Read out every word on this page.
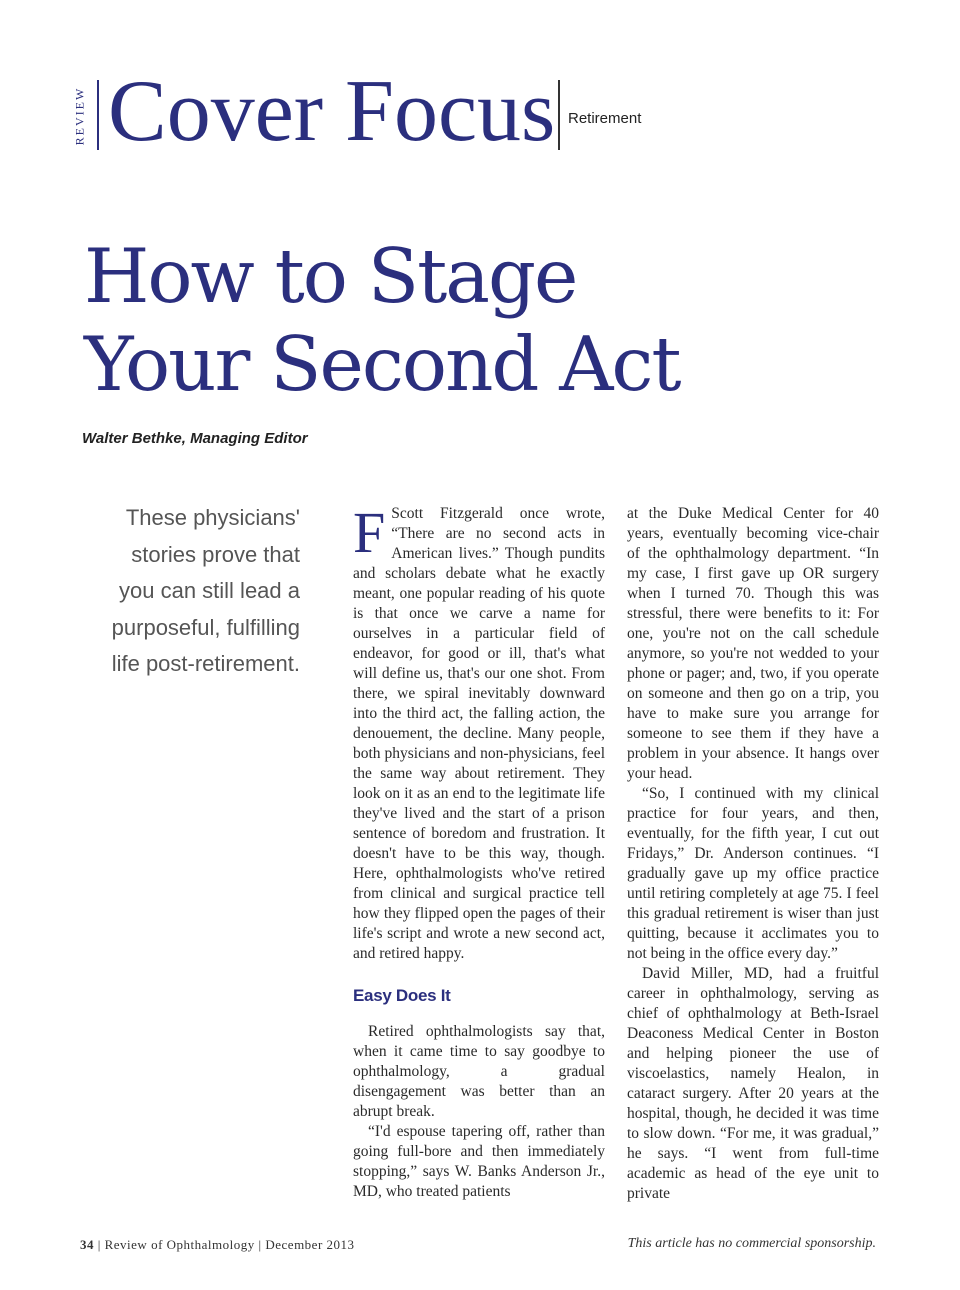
REVIEW Cover Focus Retirement
How to Stage
Your Second Act
Walter Bethke, Managing Editor
These physicians' stories prove that you can still lead a purposeful, fulfilling life post-retirement.

F Scott Fitzgerald once wrote, “There are no second acts in American lives.” Though pundits and scholars debate what he exactly meant, one popular reading of his quote is that once we carve a name for ourselves in a particular field of endeavor, for good or ill, that's what will define us, that's our one shot. From there, we spiral inevitably downward into the third act, the falling action, the denouement, the decline. Many people, both physicians and non-physicians, feel the same way about retirement. They look on it as an end to the legitimate life they've lived and the start of a prison sentence of boredom and frustration. It doesn't have to be this way, though. Here, ophthalmologists who've retired from clinical and surgical practice tell how they flipped open the pages of their life's script and wrote a new second act, and retired happy.

Easy Does It

Retired ophthalmologists say that, when it came time to say goodbye to ophthalmology, a gradual disengagement was better than an abrupt break.

“I'd espouse tapering off, rather than going full-bore and then immediately stopping,” says W. Banks Anderson Jr., MD, who treated patients

at the Duke Medical Center for 40 years, eventually becoming vice-chair of the ophthalmology department. “In my case, I first gave up OR surgery when I turned 70. Though this was stressful, there were benefits to it: For one, you're not on the call schedule anymore, so you're not wedded to your phone or pager; and, two, if you operate on someone and then go on a trip, you have to make sure you arrange for someone to see them if they have a problem in your absence. It hangs over your head.

“So, I continued with my clinical practice for four years, and then, eventually, for the fifth year, I cut out Fridays,” Dr. Anderson continues. “I gradually gave up my office practice until retiring completely at age 75. I feel this gradual retirement is wiser than just quitting, because it acclimates you to not being in the office every day.”

David Miller, MD, had a fruitful career in ophthalmology, serving as chief of ophthalmology at Beth-Israel Deaconess Medical Center in Boston and helping pioneer the use of viscoelastics, namely Healon, in cataract surgery. After 20 years at the hospital, though, he decided it was time to slow down. “For me, it was gradual,” he says. “I went from full-time academic as head of the eye unit to private

34 | Review of Ophthalmology | December 2013	This article has no commercial sponsorship.
